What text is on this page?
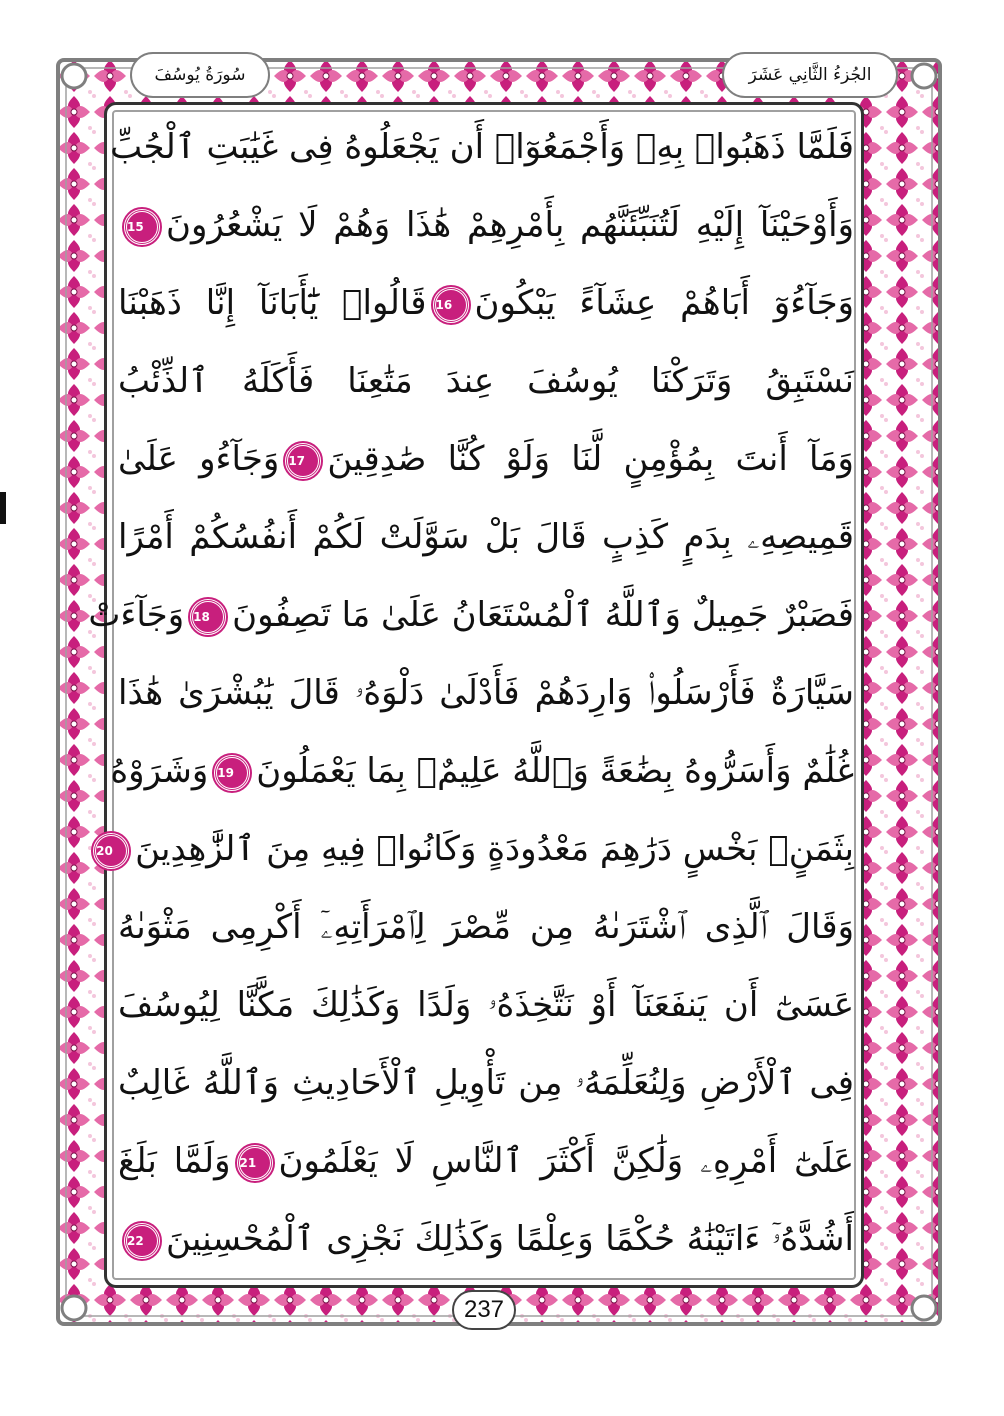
الجُزءُ الثَّانِي عَشَرَ
سُورَةُ يُوسُفَ
فَلَمَّا ذَهَبُوا۟ بِهِۦ وَأَجْمَعُوٓا۟ أَن يَجْعَلُوهُ فِى غَيَٰبَتِ ٱلْجُبِّ
وَأَوْحَيْنَآ إِلَيْهِ لَتُنَبِّئَنَّهُم بِأَمْرِهِمْ هَٰذَا وَهُمْ لَا يَشْعُرُونَ15
وَجَآءُوٓ أَبَاهُمْ عِشَآءً يَبْكُونَ16قَالُوا۟ يَٰٓأَبَانَآ إِنَّا ذَهَبْنَا
نَسْتَبِقُ وَتَرَكْنَا يُوسُفَ عِندَ مَتَٰعِنَا فَأَكَلَهُ ٱلذِّئْبُ
وَمَآ أَنتَ بِمُؤْمِنٍ لَّنَا وَلَوْ كُنَّا صَٰدِقِينَ17وَجَآءُو عَلَىٰ
قَمِيصِهِۦ بِدَمٍ كَذِبٍ قَالَ بَلْ سَوَّلَتْ لَكُمْ أَنفُسُكُمْ أَمْرًا
فَصَبْرٌ جَمِيلٌ وَٱللَّهُ ٱلْمُسْتَعَانُ عَلَىٰ مَا تَصِفُونَ18وَجَآءَتْ
سَيَّارَةٌ فَأَرْسَلُوا۟ وَارِدَهُمْ فَأَدْلَىٰ دَلْوَهُۥ قَالَ يَٰبُشْرَىٰ هَٰذَا
غُلَٰمٌ وَأَسَرُّوهُ بِضَٰعَةً وَٱللَّهُ عَلِيمٌۢ بِمَا يَعْمَلُونَ19وَشَرَوْهُ
بِثَمَنٍۭ بَخْسٍ دَرَٰهِمَ مَعْدُودَةٍ وَكَانُوا۟ فِيهِ مِنَ ٱلزَّٰهِدِينَ20
وَقَالَ ٱلَّذِى ٱشْتَرَىٰهُ مِن مِّصْرَ لِٱمْرَأَتِهِۦٓ أَكْرِمِى مَثْوَىٰهُ
عَسَىٰٓ أَن يَنفَعَنَآ أَوْ نَتَّخِذَهُۥ وَلَدًا وَكَذَٰلِكَ مَكَّنَّا لِيُوسُفَ
فِى ٱلْأَرْضِ وَلِنُعَلِّمَهُۥ مِن تَأْوِيلِ ٱلْأَحَادِيثِ وَٱللَّهُ غَالِبٌ
عَلَىٰٓ أَمْرِهِۦ وَلَٰكِنَّ أَكْثَرَ ٱلنَّاسِ لَا يَعْلَمُونَ21وَلَمَّا بَلَغَ
أَشُدَّهُۥٓ ءَاتَيْنَٰهُ حُكْمًا وَعِلْمًا وَكَذَٰلِكَ نَجْزِى ٱلْمُحْسِنِينَ22
237
